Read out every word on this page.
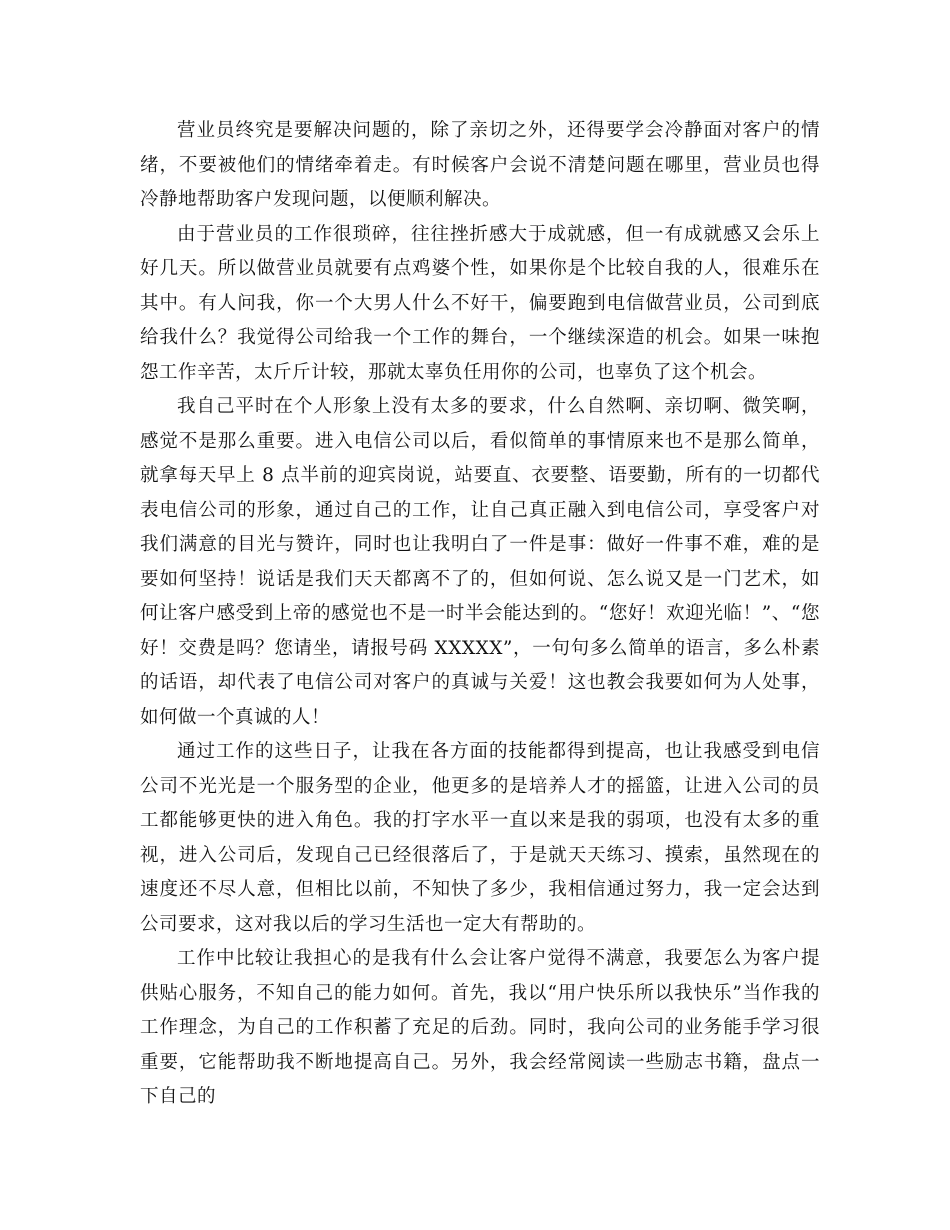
营业员终究是要解决问题的，除了亲切之外，还得要学会冷静面对客户的情绪，不要被他们的情绪牵着走。有时候客户会说不清楚问题在哪里，营业员也得冷静地帮助客户发现问题，以便顺利解决。

由于营业员的工作很琐碎，往往挫折感大于成就感，但一有成就感又会乐上好几天。所以做营业员就要有点鸡婆个性，如果你是个比较自我的人，很难乐在其中。有人问我，你一个大男人什么不好干，偏要跑到电信做营业员，公司到底给我什么？我觉得公司给我一个工作的舞台，一个继续深造的机会。如果一味抱怨工作辛苦，太斤斤计较，那就太辜负任用你的公司，也辜负了这个机会。

我自己平时在个人形象上没有太多的要求，什么自然啊、亲切啊、微笑啊，感觉不是那么重要。进入电信公司以后，看似简单的事情原来也不是那么简单，就拿每天早上 8 点半前的迎宾岗说，站要直、衣要整、语要勤，所有的一切都代表电信公司的形象，通过自己的工作，让自己真正融入到电信公司，享受客户对我们满意的目光与赞许，同时也让我明白了一件是事：做好一件事不难，难的是要如何坚持！说话是我们天天都离不了的，但如何说、怎么说又是一门艺术，如何让客户感受到上帝的感觉也不是一时半会能达到的。“您好！欢迎光临！”、“您好！交费是吗？您请坐，请报号码 XXXXX”，一句句多么简单的语言，多么朴素的话语，却代表了电信公司对客户的真诚与关爱！这也教会我要如何为人处事，如何做一个真诚的人！

通过工作的这些日子，让我在各方面的技能都得到提高，也让我感受到电信公司不光光是一个服务型的企业，他更多的是培养人才的摇篮，让进入公司的员工都能够更快的进入角色。我的打字水平一直以来是我的弱项，也没有太多的重视，进入公司后，发现自己已经很落后了，于是就天天练习、摸索，虽然现在的速度还不尽人意，但相比以前，不知快了多少，我相信通过努力，我一定会达到公司要求，这对我以后的学习生活也一定大有帮助的。

工作中比较让我担心的是我有什么会让客户觉得不满意，我要怎么为客户提供贴心服务，不知自己的能力如何。首先，我以“用户快乐所以我快乐”当作我的工作理念，为自己的工作积蓄了充足的后劲。同时，我向公司的业务能手学习很重要，它能帮助我不断地提高自己。另外，我会经常阅读一些励志书籍，盘点一下自己的
